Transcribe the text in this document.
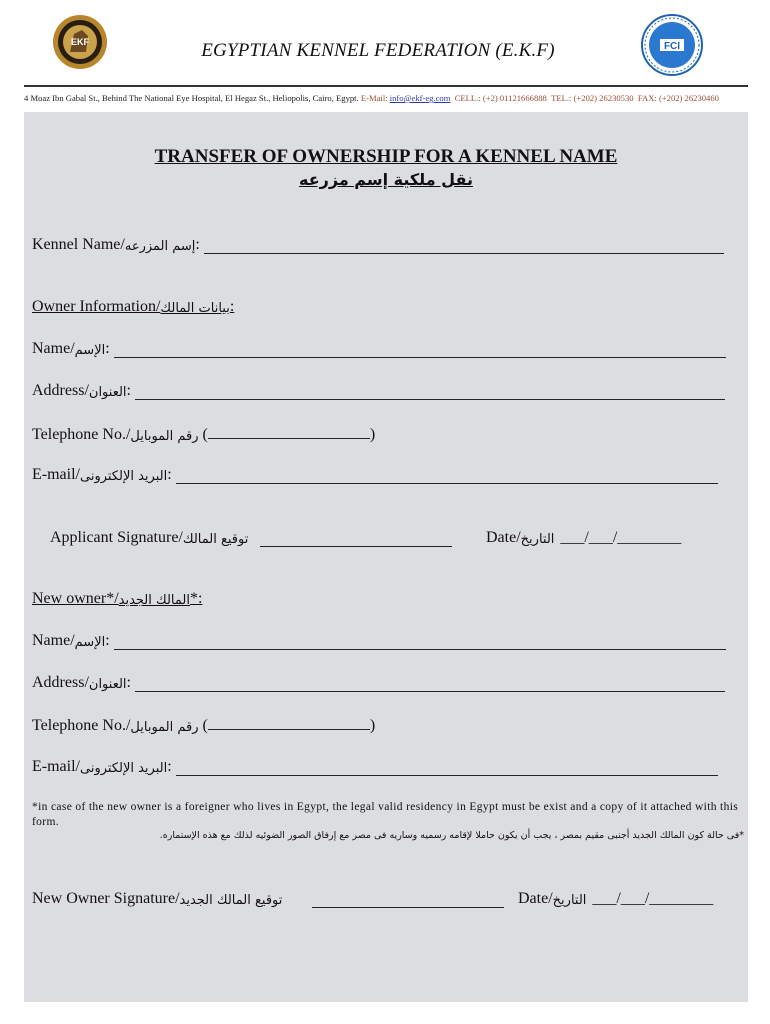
EKF	FCI
EGYPTIAN KENNEL FEDERATION (E.K.F)
4 Moaz Ibn Gabal St., Behind The National Eye Hospital, El Hegaz St., Heliopolis, Cairo, Egypt. E-Mail: info@ekf-eg.com CELL.: (+2) 01121666888 TEL.: (+202) 26230530 FAX: (+202) 26230460
TRANSFER OF OWNERSHIP FOR A KENNEL NAME
نقل ملكية إسم مزرعه
Kennel Name/ إسم المزرعه :
Owner Information/ بيانات المالك :
Name/ الإسم :
Address/ العنوان :
Telephone No./ رقم الموبايل (	)
E-mail/ البريد الإلكترونى :
Applicant Signature/ توقيع المالك	Date/ التاريخ ___/___/________
New owner*/ المالك الجديد *:
Name/ الإسم :
Address/ العنوان :
Telephone No./ رقم الموبايل (	)
E-mail/ البريد الإلكترونى :
*in case of the new owner is a foreigner who lives in Egypt, the legal valid residency in Egypt must be exist and a copy of it attached with this form.
*فى حالة كون المالك الجديد أجنبى مقيم بمصر ، يجب أن يكون حاملا لإقامه رسميه وساريه فى مصر مع إرفاق الصور الضوئيه لذلك مع هذه الإستماره.
New Owner Signature/ توقيع المالك الجديد	Date/ التاريخ ___/___/________
